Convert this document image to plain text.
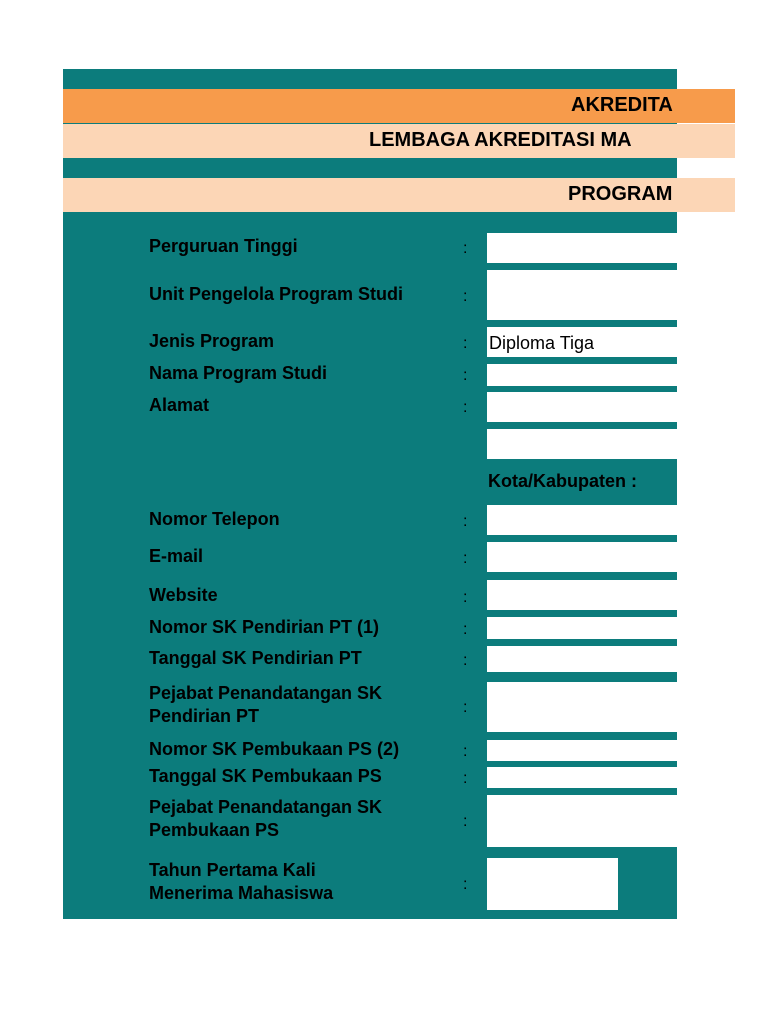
AKREDITA
LEMBAGA AKREDITASI MA
PROGRAM
Perguruan Tinggi
Unit Pengelola Program Studi
Jenis Program
Nama Program Studi
Alamat
Nomor Telepon
E-mail
Website
Nomor SK Pendirian PT (1)
Tanggal SK Pendirian PT
Pejabat Penandatangan SK Pendirian PT
Nomor SK Pembukaan PS (2)
Tanggal SK Pembukaan PS
Pejabat Penandatangan SK Pembukaan PS
Tahun Pertama Kali Menerima Mahasiswa
:
:
:
:
:
:
:
:
:
:
:
:
:
:
:
Diploma Tiga
Kota/Kabupaten :
